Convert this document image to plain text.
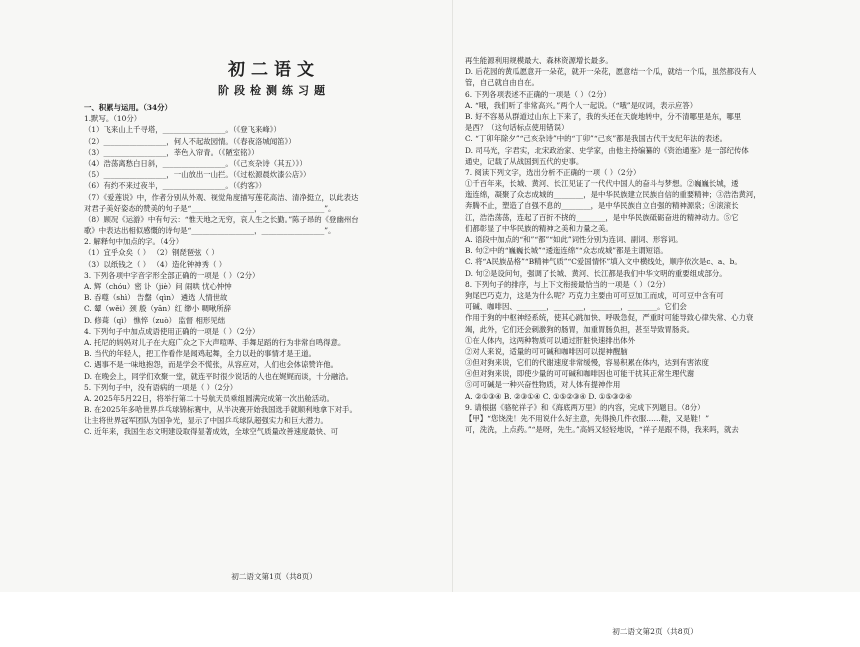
初二语文
阶段检测练习题
一、积累与运用。（34分）
1.默写。（10分）
（1）飞来山上千寻塔，_________________。（《登飞来峰》）
（2）_________________，何人不起故园情。（《春夜洛城闻笛》）
（3）_________________，莘色入帘青。（《陋室铭》）
（4）浩荡离愁白日斜，_________________。（《己亥杂诗（其五）》）
（5）_________________，一山放出一山拦。（《过松源晨炊漆公店》）
（6）有约不来过夜半，_________________。（《约客》）
（7）《爱莲说》中，作者分别从外观、视觉角度描写莲花高洁、清净挺立，以此表达
对君子美好姿态的赞美的句子是“_________________，_________________”。
（8）顾况《运游》中有句云：“惟天地之无穷，哀人生之长勤。”陈子昂的《登幽州台
歌》中表达出相似感慨的诗句是“_________________，_________________”。
2. 解释句中加点的字。（4分）
（1）宜乎众矣（ ） （2）钢琵琶弦（ ）
（3）以纸钱之（ ） （4）造化钟神秀（ ）
3. 下列各项中字音字形全部正确的一项是（ ）（2分）
A. 辉（chóu）密 讣（jiè）问 闹哄 忧心忡忡
B. 吞噬（shì） 告罄（qìn） 遴选 人情世故
C. 颦（wěi）颈 殷（yān）红 缈小 啁啾所辞
D. 修葺（qì） 憔悴（zuò） 监督 相形见绌
4. 下列句子中加点成语使用正确的一项是（ ）（2分）
A. 托尼的妈妈对儿子在大庭广众之下大声喧哗、手舞足蹈的行为非常自鸣得意。
B. 当代的年轻人，把工作看作是闻鸡起舞，全力以赴的事情才是王道。
C. 遇事不是一味地抱怨，而是学会不慌张，从容应对，人们也会体谅赞许他。
D. 在晚会上，同学们欢聚一堂，就连平时很少说话的人也在娓娓而谈，十分融洽。
5. 下列句子中，没有语病的一项是（ ）（2分）
A. 2025年5月22日，将举行第二十号航天员乘组圆满完成第一次出舱活动。
B. 在2025年多哈世界乒乓球锦标赛中，从半决赛开始我国选手就顺利地拿下对手。
让主将世界冠军团队为国争光，显示了中国乒乓球队超强实力和巨大潜力。
C. 近年来，我国生态文明建设取得显著成效，全球空气质量改善速度最快、可
初二语文第1页（共8页）
再生能源利用规模最大、森林资源增长最多。
D. 后花园的黄瓜愿意开一朵花，就开一朵花，愿意结一个瓜，就结一个瓜，虽然都没有人
管，自己就自由自在。
6. 下列各项表述不正确的一项是（ ）（2分）
A. “哦，我们听了非常高兴。”两个人一起说。（“哦”是叹词，表示应答）
B. 好不容易从群道过山东上下来了，我的头还在天旋地转中，分不清哪里是东，哪里
是西？（这句话标点使用错误）
C. “丁卯年除夕”“己亥杂诗”中的“丁卯”“己亥”都是我国古代干支纪年法的表述。
D. 司马光，字君实，北宋政治家、史学家，由他主持编纂的《资治通鉴》是一部纪传体
通史，记载了从战国到五代的史事。
7. 阅读下列文字，选出分析不正确的一项（ ）（2分）
①千百年来，长城、黄河、长江见证了一代代中国人的奋斗与梦想。②巍巍长城，逶
迤连绵，凝聚了众志成城的________，是中华民族建立民族自信的重要精神；③浩浩黄河，
奔腾不止，塑造了自强不息的________，是中华民族自立自强的精神源泉；④滚滚长
江，浩浩荡荡，连起了百折不挠的________，是中华民族砥砺奋进的精神动力。⑤它
们都彰显了中华民族的精神之美和力量之美。
A. 语段中加点的“和”“都”“如此”词性分别为连词、副词、形容词。
B. 句②中的“巍巍长城”“逶迤连绵”“众志成城”都是主谓短语。
C. 将“A民族品格”“B精神气质”“C爱国情怀”填入文中横线处，顺序依次是c、a、b。
D. 句②是设问句，强调了长城、黄河、长江都是我们中华文明的重要组成部分。
8. 下列句子的排序，与上下文衔接最恰当的一项是（ ）（2分）
狗尾巴巧克力，这是为什么呢？巧克力主要由可可豆加工而成，可可豆中含有可
可碱、咖啡因、________，________，________，________。它们会
作用于狗的中枢神经系统，使其心跳加快、呼吸急促，严重时可能导致心律失常、心力衰
竭，此外，它们还会刺激狗的肠胃，加重胃肠负担，甚至导致胃肠炎。
①在人体内，这两种物质可以通过肝脏快速排出体外
②对人来说，适量的可可碱和咖啡因可以提神醒脑
③但对狗来说，它们的代谢速度非常缓慢，容易积累在体内，达到有害浓度
④但对狗来说，即使少量的可可碱和咖啡因也可能干扰其正常生理代谢
⑤可可碱是一种兴奋性物质，对人体有提神作用
A. ②①③④ B. ②③①④ C. ①⑤②③④ D. ①⑤③②④
9. 请根据《骆驼祥子》和《海底两万里》的内容，完成下列题目。（8分）
【甲】“您饶洗！先不用说什么好主意，先得换几件衣服……鞋，又是鞋！”
可，洗洗，上点药。”“是呀，先生。”高妈又轻轻地说，“祥子是跟不得，我来吗，就去
初二语文第2页（共8页）
